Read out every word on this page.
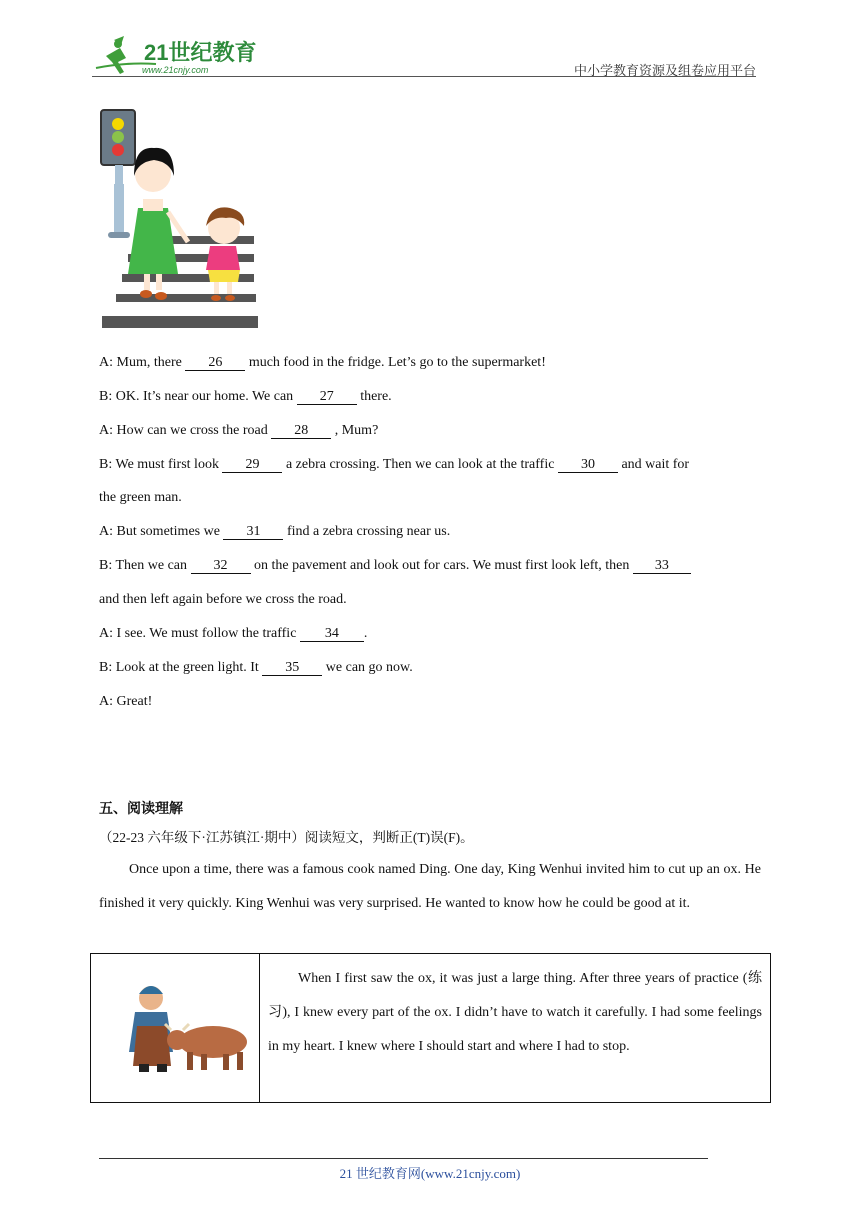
21世纪教育
www.21cnjy.com	中小学教育资源及组卷应用平台
A: Mum, there 26 much food in the fridge. Let’s go to the supermarket!
B: OK. It’s near our home. We can 27 there.
A: How can we cross the road 28 , Mum?
B: We must first look 29 a zebra crossing. Then we can look at the traffic 30 and wait for
the green man.
A: But sometimes we 31 find a zebra crossing near us.
B: Then we can 32 on the pavement and look out for cars. We must first look left, then 33
and then left again before we cross the road.
A: I see. We must follow the traffic 34 .
B: Look at the green light. It 35 we can go now.
A: Great!
五、阅读理解
（22-23 六年级下·江苏镇江·期中）阅读短文，判断正(T)误(F)。
Once upon a time, there was a famous cook named Ding. One day, King Wenhui invited him to cut up an ox. He finished it very quickly. King Wenhui was very surprised. He wanted to know how he could be good at it.
When I first saw the ox, it was just a large thing. After three years of practice (练习), I knew every part of the ox. I didn’t have to watch it carefully. I had some feelings in my heart. I knew where I should start and where I had to stop.
21 世纪教育网(www.21cnjy.com)
